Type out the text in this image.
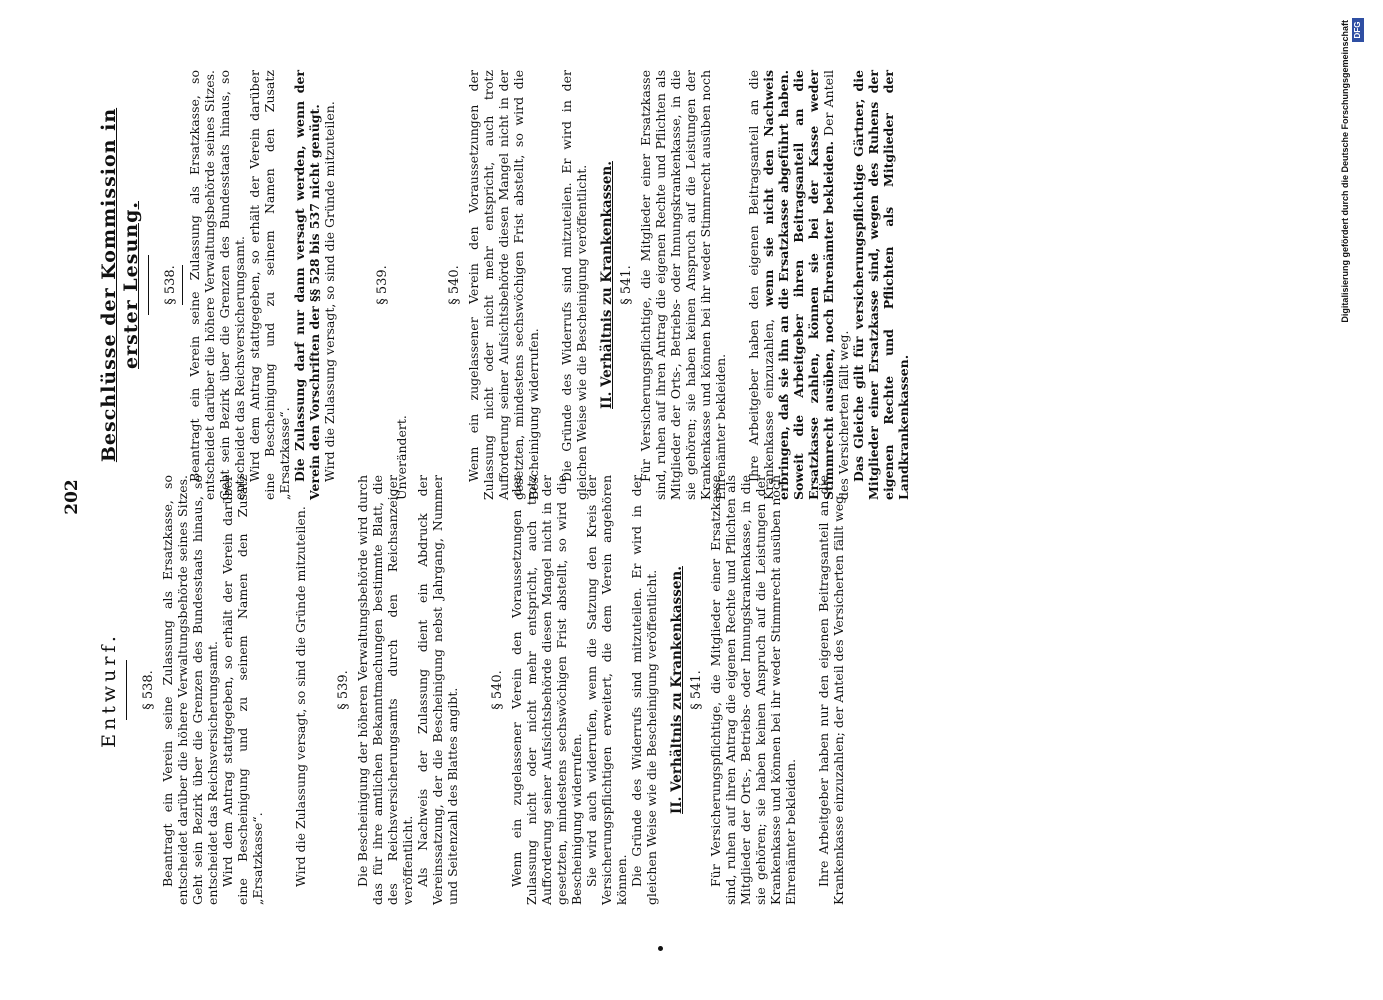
202
Entwurf. § 538. Beantragt ein Verein seine Zulassung als Ersatzkasse, so entscheidet darüber die höhere Verwaltungsbehörde seines Sitzes. Geht sein Bezirk über die Grenzen des Bundesstaats hinaus, so entscheidet das Reichsversicherungsamt. Wird dem Antrag stattgegeben, so erhält der Verein darüber eine Bescheinigung und zu seinem Namen den Zusatz „Ersatzkasse“. Wird die Zulassung versagt, so sind die Gründe mitzuteilen. § 539. Die Bescheinigung der höheren Verwaltungsbehörde wird durch das für ihre amtlichen Bekanntmachungen bestimmte Blatt, die des Reichsversicherungsamts durch den Reichsanzeiger veröffentlicht. Als Nachweis der Zulassung dient ein Abdruck der Vereinssatzung, der die Bescheinigung nebst Jahrgang, Nummer und Seitenzahl des Blattes angibt. § 540. Wenn ein zugelassener Verein den Voraussetzungen der Zulassung nicht oder nicht mehr entspricht, auch trotz Aufforderung seiner Aufsichtsbehörde diesen Mangel nicht in der gesetzten, mindestens sechswöchigen Frist abstellt, so wird die Bescheinigung widerrufen. Sie wird auch widerrufen, wenn die Satzung den Kreis der Versicherungspflichtigen erweitert, die dem Verein angehören können. Die Gründe des Widerrufs sind mitzuteilen. Er wird in der gleichen Weise wie die Bescheinigung veröffentlicht. II. Verhältnis zu Krankenkassen. § 541. Für Versicherungspflichtige, die Mitglieder einer Ersatzkasse sind, ruhen auf ihren Antrag die eigenen Rechte und Pflichten als Mitglieder der Orts-, Betriebs- oder Innungskrankenkasse, in die sie gehören; sie haben keinen Anspruch auf die Leistungen der Krankenkasse und können bei ihr weder Stimmrecht ausüben noch Ehrenämter bekleiden. Ihre Arbeitgeber haben nur den eigenen Beitragsanteil an die Krankenkasse einzuzahlen; der Anteil des Versicherten fällt weg.

Beschlüsse der Kommission in erster Lesung. § 538. Beantragt ein Verein seine Zulassung als Ersatzkasse, so entscheidet darüber die höhere Verwaltungsbehörde seines Sitzes. Geht sein Bezirk über die Grenzen des Bundesstaats hinaus, so entscheidet das Reichsversicherungsamt. Wird dem Antrag stattgegeben, so erhält der Verein darüber eine Bescheinigung und zu seinem Namen den Zusatz „Ersatzkasse“. Die Zulassung darf nur dann versagt werden, wenn der Verein den Vorschriften der §§ 528 bis 537 nicht genügt. Wird die Zulassung versagt, so sind die Gründe mitzuteilen.	§ 539.

Unverändert.

§ 540. Wenn ein zugelassener Verein den Voraussetzungen der Zulassung nicht oder nicht mehr entspricht, auch trotz Aufforderung seiner Aufsichtsbehörde diesen Mangel nicht in der gesetzten, mindestens sechswöchigen Frist abstellt, so wird die Bescheinigung widerrufen. Die Gründe des Widerrufs sind mitzuteilen. Er wird in der gleichen Weise wie die Bescheinigung veröffentlicht. II. Verhältnis zu Krankenkassen. § 541. Für Versicherungspflichtige, die Mitglieder einer Ersatzkasse sind, ruhen auf ihren Antrag die eigenen Rechte und Pflichten als Mitglieder der Orts-, Betriebs- oder Innungskrankenkasse, in die sie gehören; sie haben keinen Anspruch auf die Leistungen der Krankenkasse und können bei ihr weder Stimmrecht ausüben noch Ehrenämter bekleiden. Ihre Arbeitgeber haben den eigenen Beitragsanteil an die Krankenkasse einzuzahlen, wenn sie nicht den Nachweis erbringen, daß sie ihn an die Ersatzkasse abgeführt haben. Soweit die Arbeitgeber ihren Beitragsanteil an die Ersatzkasse zahlen, können sie bei der Kasse weder Stimmrecht ausüben, noch Ehrenämter bekleiden. Der Anteil des Versicherten fällt weg. Das Gleiche gilt für versicherungspflichtige Gärtner, die Mitglieder einer Ersatzkasse sind, wegen des Ruhens der eigenen Rechte und Pflichten als Mitglieder der Landkrankenkassen.

Digitalisierung gefördert durch die Deutsche Forschungsgemeinschaft DFG
